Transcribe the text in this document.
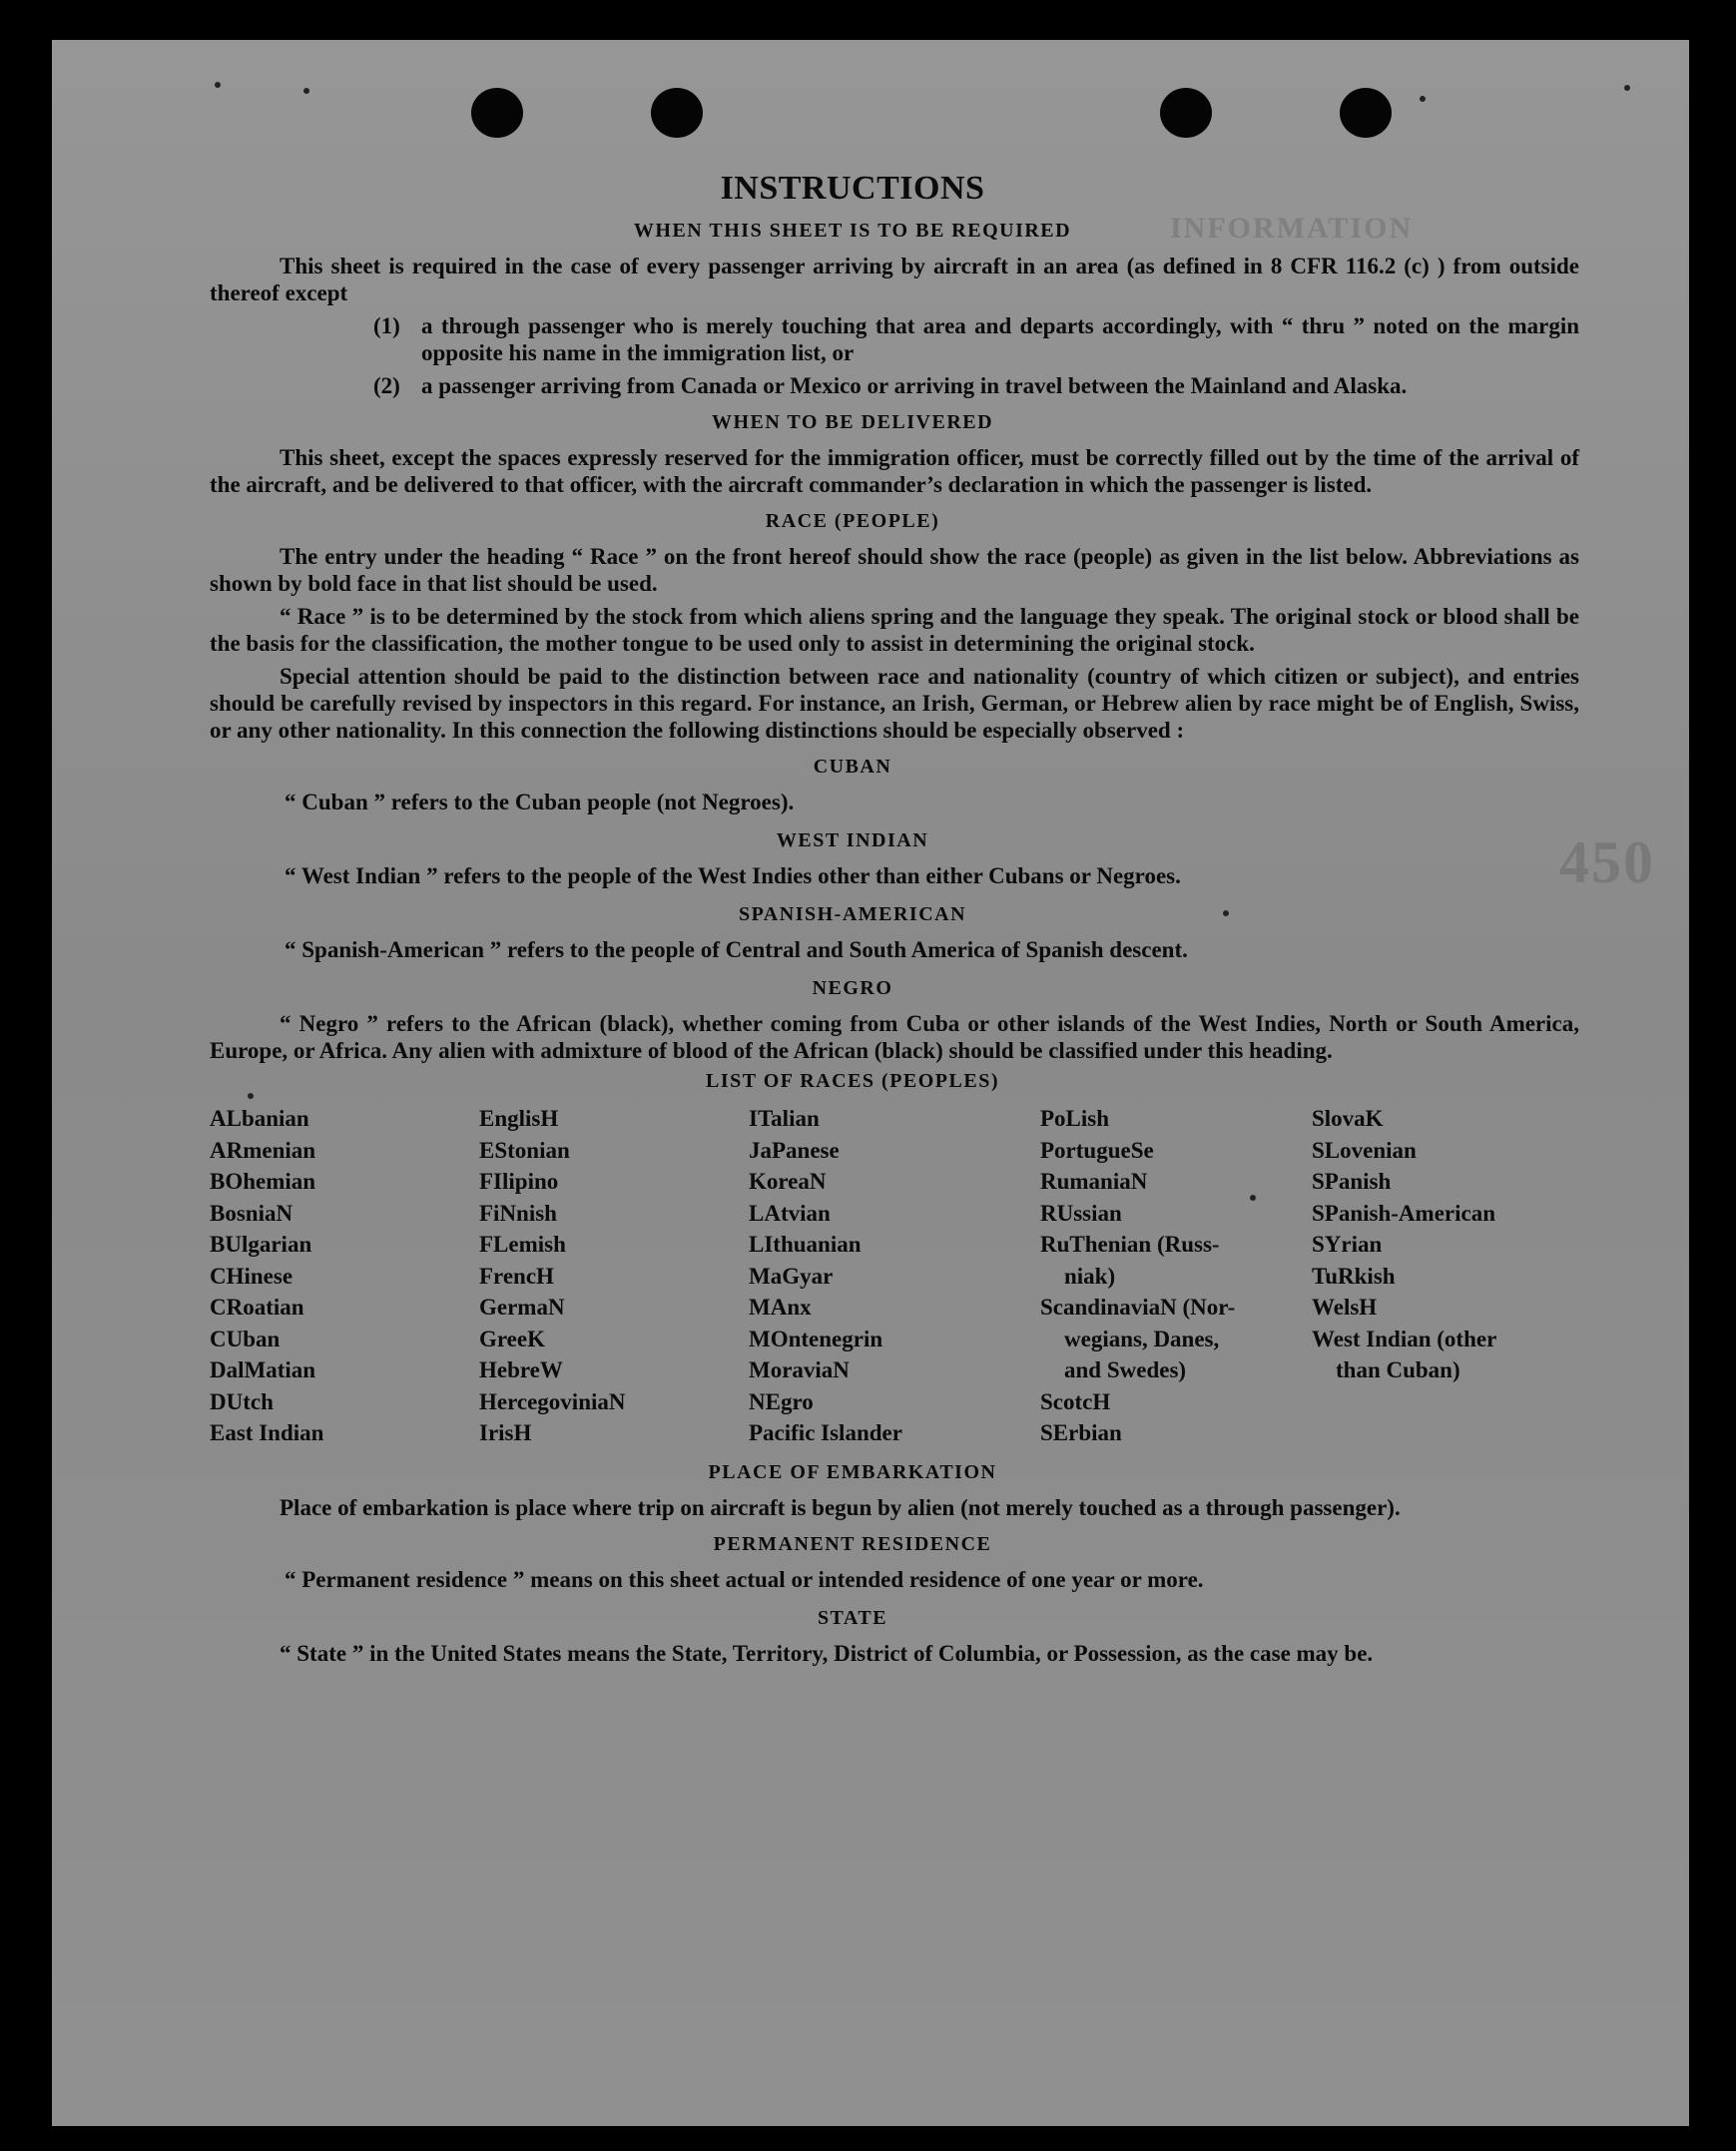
INFORMATION
450
INSTRUCTIONS
WHEN THIS SHEET IS TO BE REQUIRED

This sheet is required in the case of every passenger arriving by aircraft in an area (as defined in 8 CFR 116.2 (c) ) from outside thereof except

(1) a through passenger who is merely touching that area and departs accordingly, with “ thru ” noted on the margin opposite his name in the immigration list, or
(2) a passenger arriving from Canada or Mexico or arriving in travel between the Mainland and Alaska.
WHEN TO BE DELIVERED

This sheet, except the spaces expressly reserved for the immigration officer, must be correctly filled out by the time of the arrival of the aircraft, and be delivered to that officer, with the aircraft commander’s declaration in which the passenger is listed.

RACE (PEOPLE)

The entry under the heading “ Race ” on the front hereof should show the race (people) as given in the list below. Abbreviations as shown by bold face in that list should be used.

“ Race ” is to be determined by the stock from which aliens spring and the language they speak. The original stock or blood shall be the basis for the classification, the mother tongue to be used only to assist in determining the original stock.

Special attention should be paid to the distinction between race and nationality (country of which citizen or subject), and entries should be carefully revised by inspectors in this regard. For instance, an Irish, German, or Hebrew alien by race might be of English, Swiss, or any other nationality. In this connection the following distinctions should be especially observed :

CUBAN
“ Cuban ” refers to the Cuban people (not Negroes).
WEST INDIAN
“ West Indian ” refers to the people of the West Indies other than either Cubans or Negroes.
SPANISH-AMERICAN
“ Spanish-American ” refers to the people of Central and South America of Spanish descent.
NEGRO

“ Negro ” refers to the African (black), whether coming from Cuba or other islands of the West Indies, North or South America, Europe, or Africa. Any alien with admixture of blood of the African (black) should be classified under this heading.

LIST OF RACES (PEOPLES)
ALbanian
ARmenian
BOhemian
BosniaN
BUlgarian
CHinese
CRoatian
CUban
DalMatian
DUtch
East Indian
EnglisH
EStonian
FIlipino
FiNnish
FLemish
FrencH
GermaN
GreeK
HebreW
HercegoviniaN
IrisH
ITalian
JaPanese
KoreaN
LAtvian
LIthuanian
MaGyar
MAnx
MOntenegrin
MoraviaN
NEgro
Pacific Islander
PoLish
PortugueSe
RumaniaN
RUssian
RuThenian (Russ-
niak)
ScandinaviaN (Nor-
wegians, Danes,
and Swedes)
ScotcH
SErbian
SlovaK
SLovenian
SPanish
SPanish-American
SYrian
TuRkish
WelsH
West Indian (other
than Cuban)
PLACE OF EMBARKATION

Place of embarkation is place where trip on aircraft is begun by alien (not merely touched as a through passenger).

PERMANENT RESIDENCE
“ Permanent residence ” means on this sheet actual or intended residence of one year or more.
STATE

“ State ” in the United States means the State, Territory, District of Columbia, or Possession, as the case may be.
